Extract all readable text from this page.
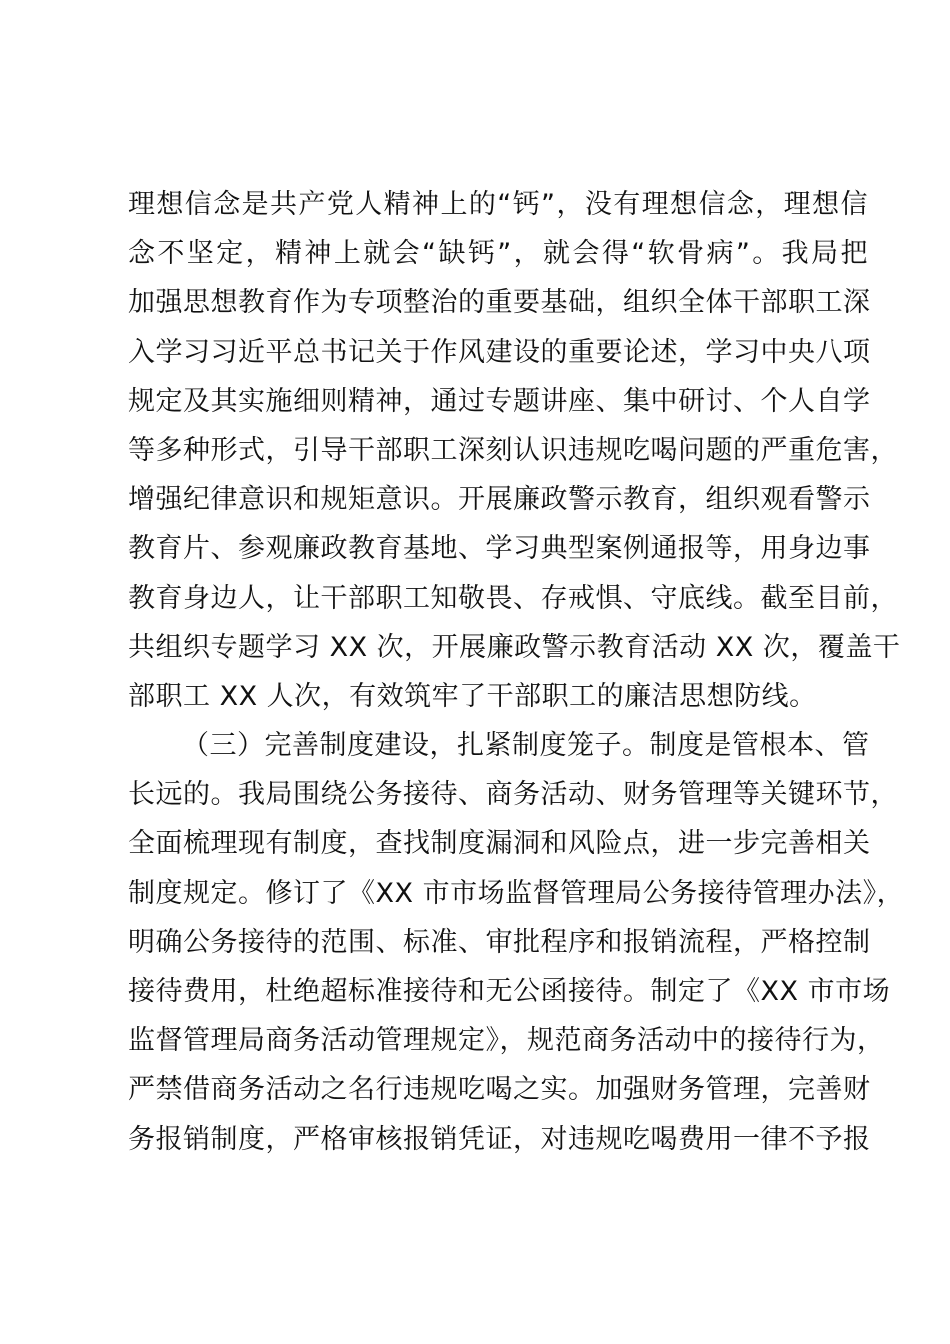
理想信念是共产党人精神上的“钙”，没有理想信念，理想信
念不坚定，精神上就会“缺钙”，就会得“软骨病”。我局把
加强思想教育作为专项整治的重要基础，组织全体干部职工深
入学习习近平总书记关于作风建设的重要论述，学习中央八项
规定及其实施细则精神，通过专题讲座、集中研讨、个人自学
等多种形式，引导干部职工深刻认识违规吃喝问题的严重危害，
增强纪律意识和规矩意识。开展廉政警示教育，组织观看警示
教育片、参观廉政教育基地、学习典型案例通报等，用身边事
教育身边人，让干部职工知敬畏、存戒惧、守底线。截至目前，
共组织专题学习 XX 次，开展廉政警示教育活动 XX 次，覆盖干
部职工 XX 人次，有效筑牢了干部职工的廉洁思想防线。
（三）完善制度建设，扎紧制度笼子。制度是管根本、管
长远的。我局围绕公务接待、商务活动、财务管理等关键环节，
全面梳理现有制度，查找制度漏洞和风险点，进一步完善相关
制度规定。修订了《XX 市市场监督管理局公务接待管理办法》，
明确公务接待的范围、标准、审批程序和报销流程，严格控制
接待费用，杜绝超标准接待和无公函接待。制定了《XX 市市场
监督管理局商务活动管理规定》，规范商务活动中的接待行为，
严禁借商务活动之名行违规吃喝之实。加强财务管理，完善财
务报销制度，严格审核报销凭证，对违规吃喝费用一律不予报
